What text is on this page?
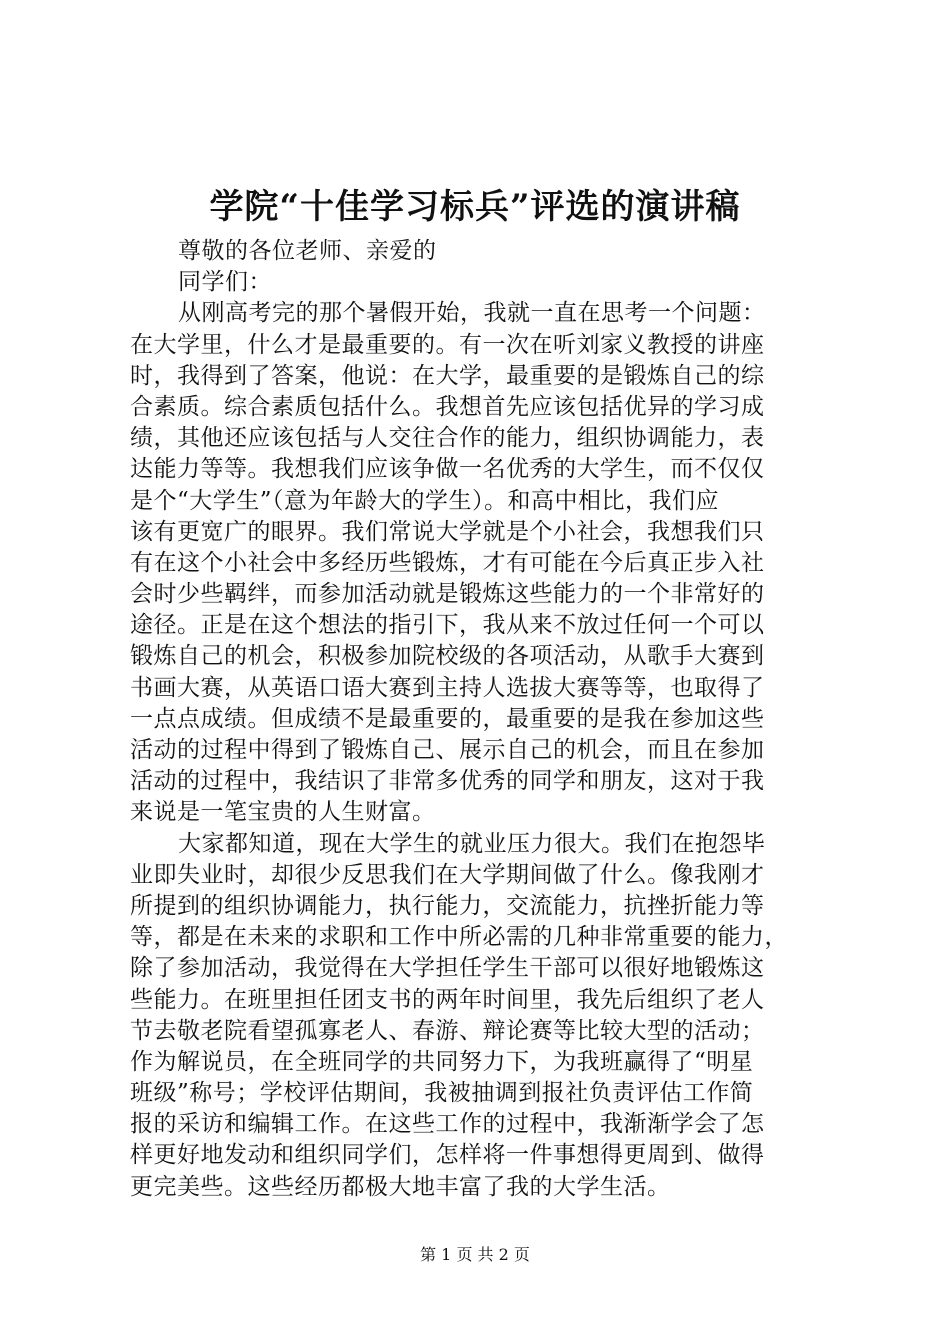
学院“十佳学习标兵”评选的演讲稿
尊敬的各位老师、亲爱的
同学们：
从刚高考完的那个暑假开始，我就一直在思考一个问题：
在大学里，什么才是最重要的。有一次在听刘家义教授的讲座
时，我得到了答案，他说：在大学，最重要的是锻炼自己的综
合素质。综合素质包括什么。我想首先应该包括优异的学习成
绩，其他还应该包括与人交往合作的能力，组织协调能力，表
达能力等等。我想我们应该争做一名优秀的大学生，而不仅仅
是个“大学生”（意为年龄大的学生）。和高中相比，我们应
该有更宽广的眼界。我们常说大学就是个小社会，我想我们只
有在这个小社会中多经历些锻炼，才有可能在今后真正步入社
会时少些羁绊，而参加活动就是锻炼这些能力的一个非常好的
途径。正是在这个想法的指引下，我从来不放过任何一个可以
锻炼自己的机会，积极参加院校级的各项活动，从歌手大赛到
书画大赛，从英语口语大赛到主持人选拔大赛等等，也取得了
一点点成绩。但成绩不是最重要的，最重要的是我在参加这些
活动的过程中得到了锻炼自己、展示自己的机会，而且在参加
活动的过程中，我结识了非常多优秀的同学和朋友，这对于我
来说是一笔宝贵的人生财富。
大家都知道，现在大学生的就业压力很大。我们在抱怨毕
业即失业时，却很少反思我们在大学期间做了什么。像我刚才
所提到的组织协调能力，执行能力，交流能力，抗挫折能力等
等，都是在未来的求职和工作中所必需的几种非常重要的能力，
除了参加活动，我觉得在大学担任学生干部可以很好地锻炼这
些能力。在班里担任团支书的两年时间里，我先后组织了老人
节去敬老院看望孤寡老人、春游、辩论赛等比较大型的活动；
作为解说员，在全班同学的共同努力下，为我班赢得了“明星
班级”称号；学校评估期间，我被抽调到报社负责评估工作简
报的采访和编辑工作。在这些工作的过程中，我渐渐学会了怎
样更好地发动和组织同学们，怎样将一件事想得更周到、做得
更完美些。这些经历都极大地丰富了我的大学生活。
第 1 页 共 2 页
